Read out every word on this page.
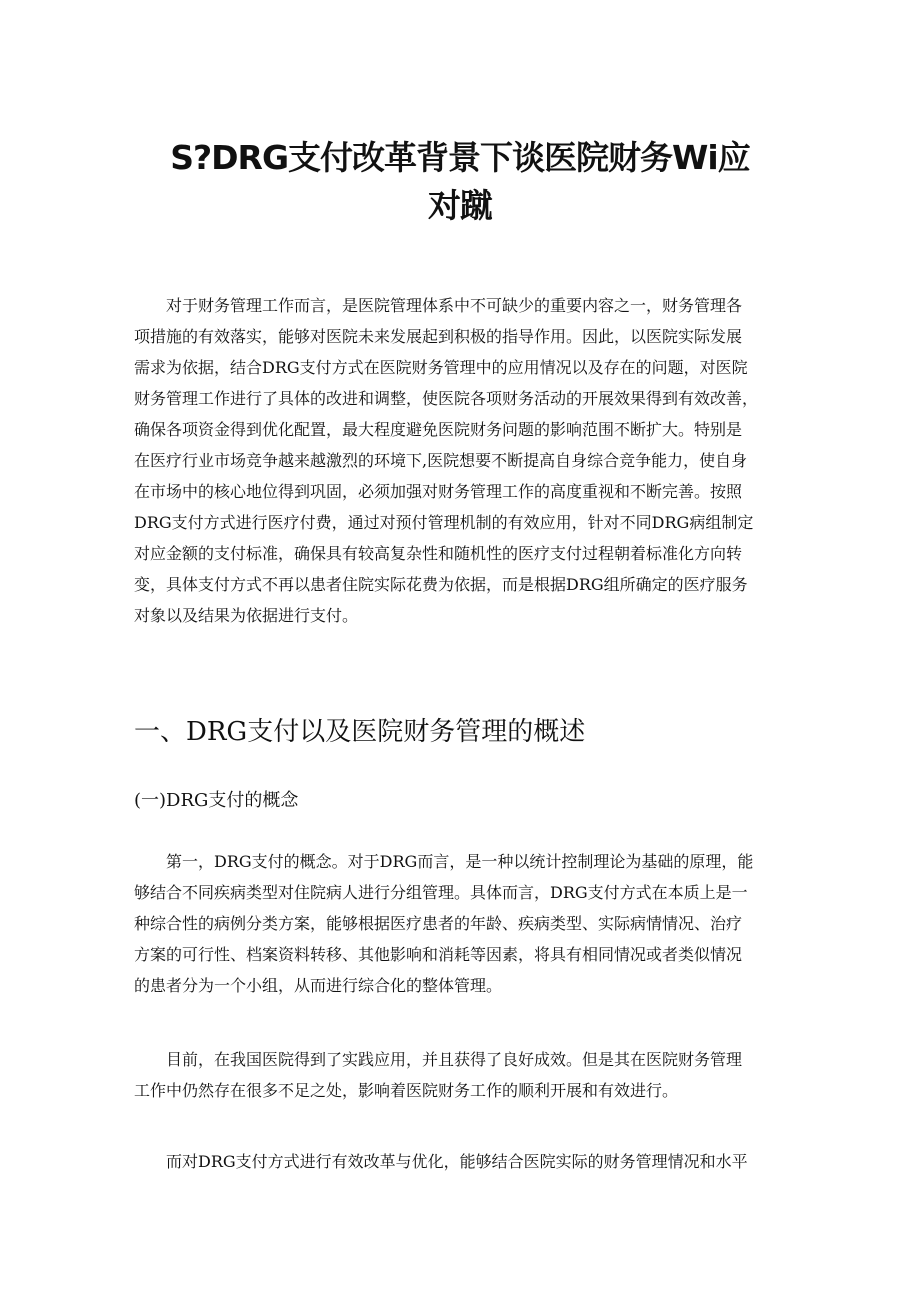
S?DRG支付改革背景下谈医院财务Wi应
对蹴
对于财务管理工作而言，是医院管理体系中不可缺少的重要内容之一，财务管理各
项措施的有效落实，能够对医院未来发展起到积极的指导作用。因此，以医院实际发展
需求为依据，结合DRG支付方式在医院财务管理中的应用情况以及存在的问题，对医院
财务管理工作进行了具体的改进和调整，使医院各项财务活动的开展效果得到有效改善，
确保各项资金得到优化配置，最大程度避免医院财务问题的影响范围不断扩大。特别是
在医疗行业市场竞争越来越激烈的环境下,医院想要不断提高自身综合竞争能力，使自身
在市场中的核心地位得到巩固，必须加强对财务管理工作的高度重视和不断完善。按照
DRG支付方式进行医疗付费，通过对预付管理机制的有效应用，针对不同DRG病组制定
对应金额的支付标准，确保具有较高复杂性和随机性的医疗支付过程朝着标准化方向转
变，具体支付方式不再以患者住院实际花费为依据，而是根据DRG组所确定的医疗服务
对象以及结果为依据进行支付。
一、DRG支付以及医院财务管理的概述
(一)DRG支付的概念
第一，DRG支付的概念。对于DRG而言，是一种以统计控制理论为基础的原理，能
够结合不同疾病类型对住院病人进行分组管理。具体而言，DRG支付方式在本质上是一
种综合性的病例分类方案，能够根据医疗患者的年龄、疾病类型、实际病情情况、治疗
方案的可行性、档案资料转移、其他影响和消耗等因素，将具有相同情况或者类似情况
的患者分为一个小组，从而进行综合化的整体管理。
目前，在我国医院得到了实践应用，并且获得了良好成效。但是其在医院财务管理
工作中仍然存在很多不足之处，影响着医院财务工作的顺利开展和有效进行。
而对DRG支付方式进行有效改革与优化，能够结合医院实际的财务管理情况和水平
